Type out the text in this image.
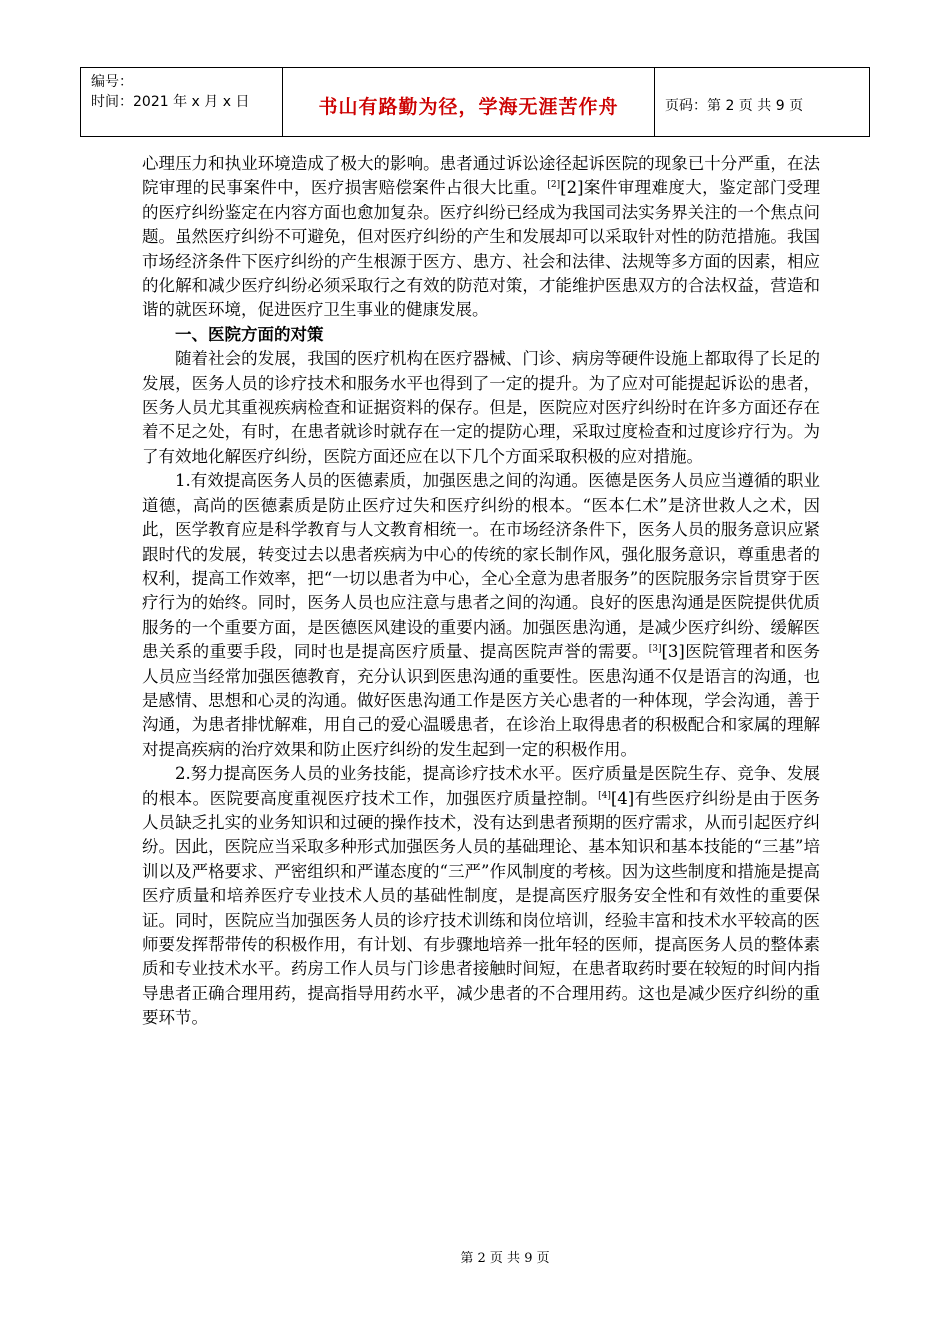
编号：
时间：2021 年 x 月 x 日	书山有路勤为径，学海无涯苦作舟	页码：第 2 页 共 9 页

心理压力和执业环境造成了极大的影响。患者通过诉讼途径起诉医院的现象已十分严重，在法院审理的民事案件中，医疗损害赔偿案件占很大比重。[2][2]案件审理难度大，鉴定部门受理的医疗纠纷鉴定在内容方面也愈加复杂。医疗纠纷已经成为我国司法实务界关注的一个焦点问题。虽然医疗纠纷不可避免，但对医疗纠纷的产生和发展却可以采取针对性的防范措施。我国市场经济条件下医疗纠纷的产生根源于医方、患方、社会和法律、法规等多方面的因素，相应的化解和减少医疗纠纷必须采取行之有效的防范对策，才能维护医患双方的合法权益，营造和谐的就医环境，促进医疗卫生事业的健康发展。

一、医院方面的对策

随着社会的发展，我国的医疗机构在医疗器械、门诊、病房等硬件设施上都取得了长足的发展，医务人员的诊疗技术和服务水平也得到了一定的提升。为了应对可能提起诉讼的患者，医务人员尤其重视疾病检查和证据资料的保存。但是，医院应对医疗纠纷时在许多方面还存在着不足之处，有时，在患者就诊时就存在一定的提防心理，采取过度检查和过度诊疗行为。为了有效地化解医疗纠纷，医院方面还应在以下几个方面采取积极的应对措施。

1.有效提高医务人员的医德素质，加强医患之间的沟通。医德是医务人员应当遵循的职业道德，高尚的医德素质是防止医疗过失和医疗纠纷的根本。“医本仁术”是济世救人之术，因此，医学教育应是科学教育与人文教育相统一。在市场经济条件下，医务人员的服务意识应紧跟时代的发展，转变过去以患者疾病为中心的传统的家长制作风，强化服务意识，尊重患者的权利，提高工作效率，把“一切以患者为中心，全心全意为患者服务”的医院服务宗旨贯穿于医疗行为的始终。同时，医务人员也应注意与患者之间的沟通。良好的医患沟通是医院提供优质服务的一个重要方面，是医德医风建设的重要内涵。加强医患沟通，是减少医疗纠纷、缓解医患关系的重要手段，同时也是提高医疗质量、提高医院声誉的需要。[3][3]医院管理者和医务人员应当经常加强医德教育，充分认识到医患沟通的重要性。医患沟通不仅是语言的沟通，也是感情、思想和心灵的沟通。做好医患沟通工作是医方关心患者的一种体现，学会沟通，善于沟通，为患者排忧解难，用自己的爱心温暖患者，在诊治上取得患者的积极配合和家属的理解对提高疾病的治疗效果和防止医疗纠纷的发生起到一定的积极作用。

2.努力提高医务人员的业务技能，提高诊疗技术水平。医疗质量是医院生存、竞争、发展的根本。医院要高度重视医疗技术工作，加强医疗质量控制。[4][4]有些医疗纠纷是由于医务人员缺乏扎实的业务知识和过硬的操作技术，没有达到患者预期的医疗需求，从而引起医疗纠纷。因此，医院应当采取多种形式加强医务人员的基础理论、基本知识和基本技能的“三基”培训以及严格要求、严密组织和严谨态度的“三严”作风制度的考核。因为这些制度和措施是提高医疗质量和培养医疗专业技术人员的基础性制度，是提高医疗服务安全性和有效性的重要保证。同时，医院应当加强医务人员的诊疗技术训练和岗位培训，经验丰富和技术水平较高的医师要发挥帮带传的积极作用，有计划、有步骤地培养一批年轻的医师，提高医务人员的整体素质和专业技术水平。药房工作人员与门诊患者接触时间短，在患者取药时要在较短的时间内指导患者正确合理用药，提高指导用药水平，减少患者的不合理用药。这也是减少医疗纠纷的重要环节。

第 2 页 共 9 页
